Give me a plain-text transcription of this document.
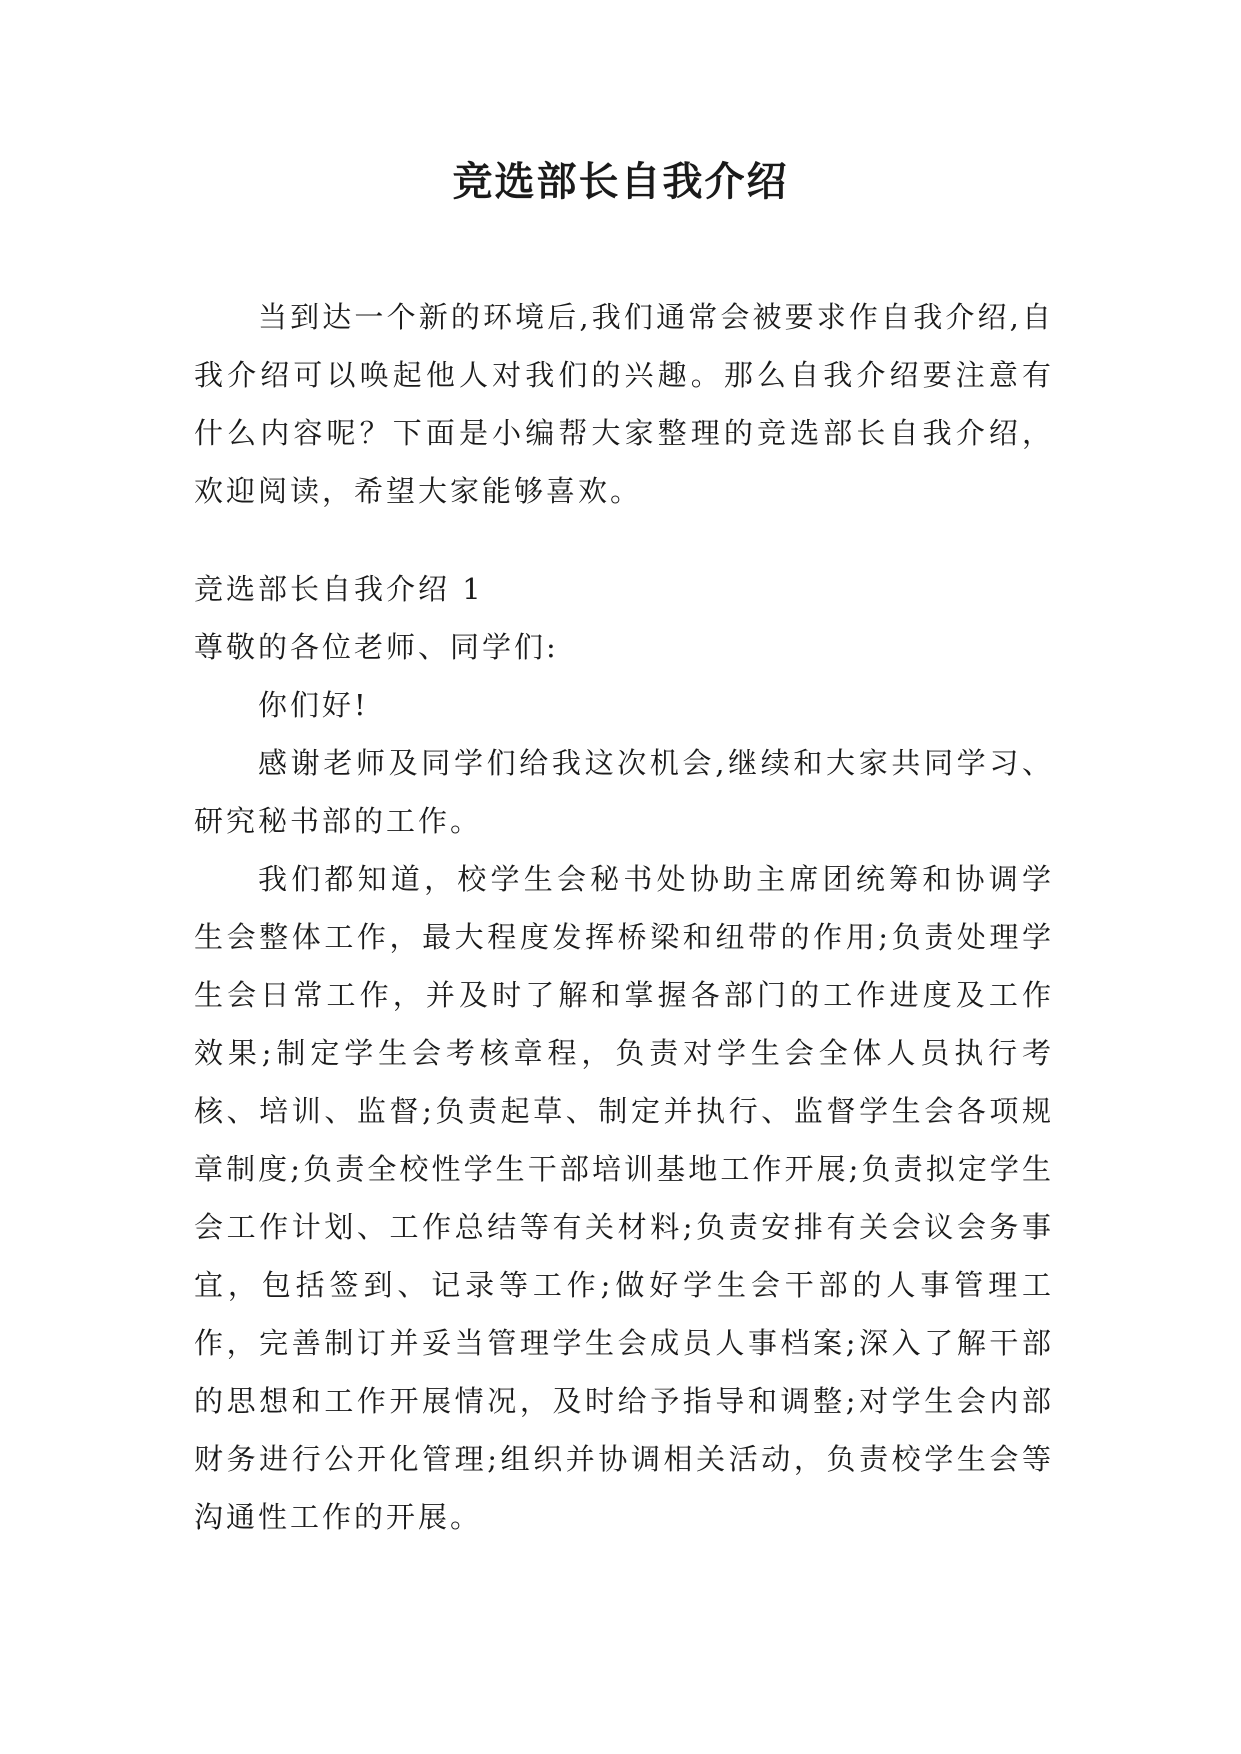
竞选部长自我介绍

当到达一个新的环境后,我们通常会被要求作自我介绍,自我介绍可以唤起他人对我们的兴趣。那么自我介绍要注意有什么内容呢？下面是小编帮大家整理的竞选部长自我介绍，欢迎阅读，希望大家能够喜欢。

竞选部长自我介绍 1

尊敬的各位老师、同学们:

你们好!

感谢老师及同学们给我这次机会,继续和大家共同学习、研究秘书部的工作。

我们都知道，校学生会秘书处协助主席团统筹和协调学生会整体工作，最大程度发挥桥梁和纽带的作用;负责处理学生会日常工作，并及时了解和掌握各部门的工作进度及工作效果;制定学生会考核章程，负责对学生会全体人员执行考核、培训、监督;负责起草、制定并执行、监督学生会各项规章制度;负责全校性学生干部培训基地工作开展;负责拟定学生会工作计划、工作总结等有关材料;负责安排有关会议会务事宜，包括签到、记录等工作;做好学生会干部的人事管理工作，完善制订并妥当管理学生会成员人事档案;深入了解干部的思想和工作开展情况，及时给予指导和调整;对学生会内部财务进行公开化管理;组织并协调相关活动，负责校学生会等沟通性工作的开展。
